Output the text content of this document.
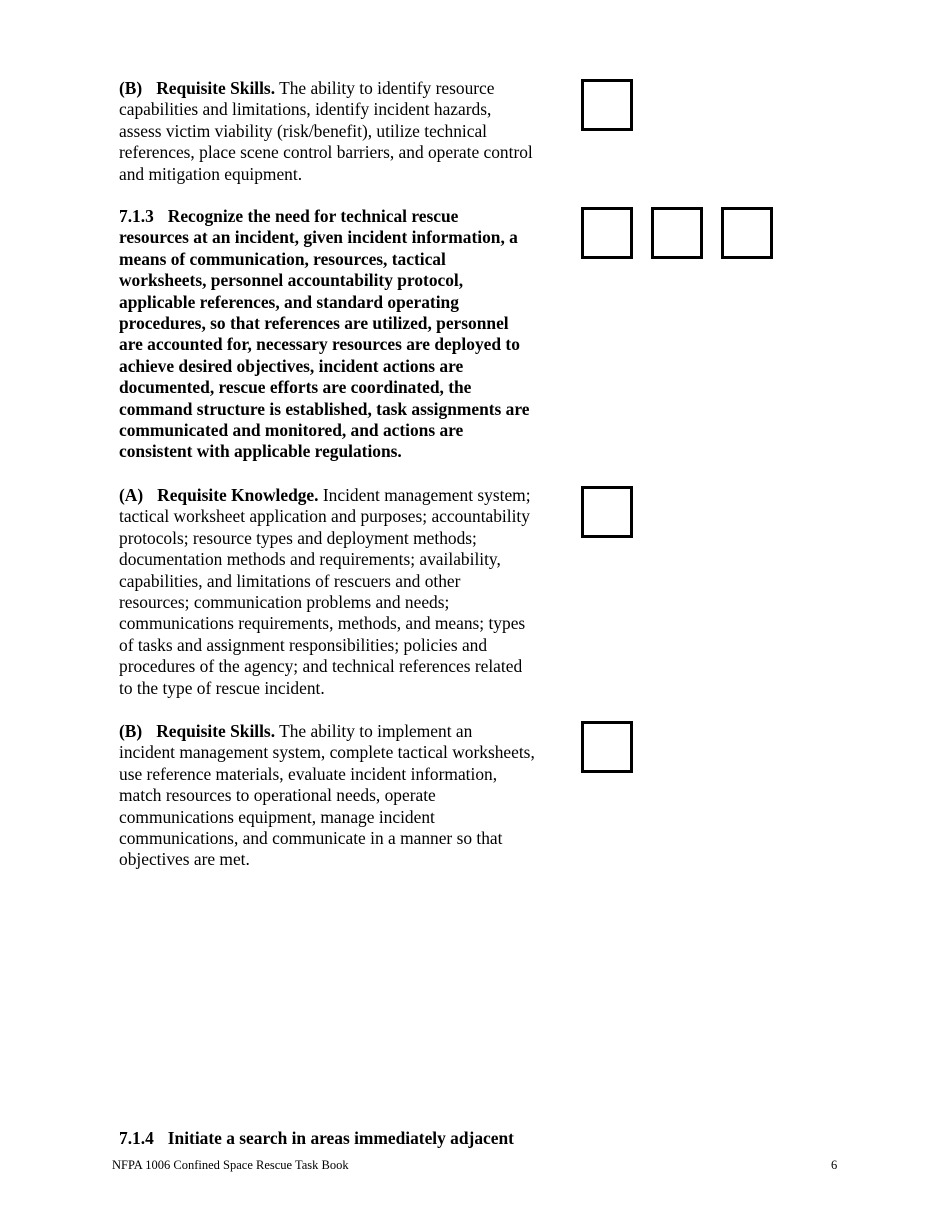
(B) Requisite Skills. The ability to identify resource
capabilities and limitations, identify incident hazards,
assess victim viability (risk/benefit), utilize technical
references, place scene control barriers, and operate control
and mitigation equipment.
7.1.3 Recognize the need for technical rescue
resources at an incident, given incident information, a
means of communication, resources, tactical
worksheets, personnel accountability protocol,
applicable references, and standard operating
procedures, so that references are utilized, personnel
are accounted for, necessary resources are deployed to
achieve desired objectives, incident actions are
documented, rescue efforts are coordinated, the
command structure is established, task assignments are
communicated and monitored, and actions are
consistent with applicable regulations.
(A) Requisite Knowledge. Incident management system;
tactical worksheet application and purposes; accountability
protocols; resource types and deployment methods;
documentation methods and requirements; availability,
capabilities, and limitations of rescuers and other
resources; communication problems and needs;
communications requirements, methods, and means; types
of tasks and assignment responsibilities; policies and
procedures of the agency; and technical references related
to the type of rescue incident.
(B) Requisite Skills. The ability to implement an
incident management system, complete tactical worksheets,
use reference materials, evaluate incident information,
match resources to operational needs, operate
communications equipment, manage incident
communications, and communicate in a manner so that
objectives are met.
7.1.4 Initiate a search in areas immediately adjacent
NFPA 1006 Confined Space Rescue Task Book	6
